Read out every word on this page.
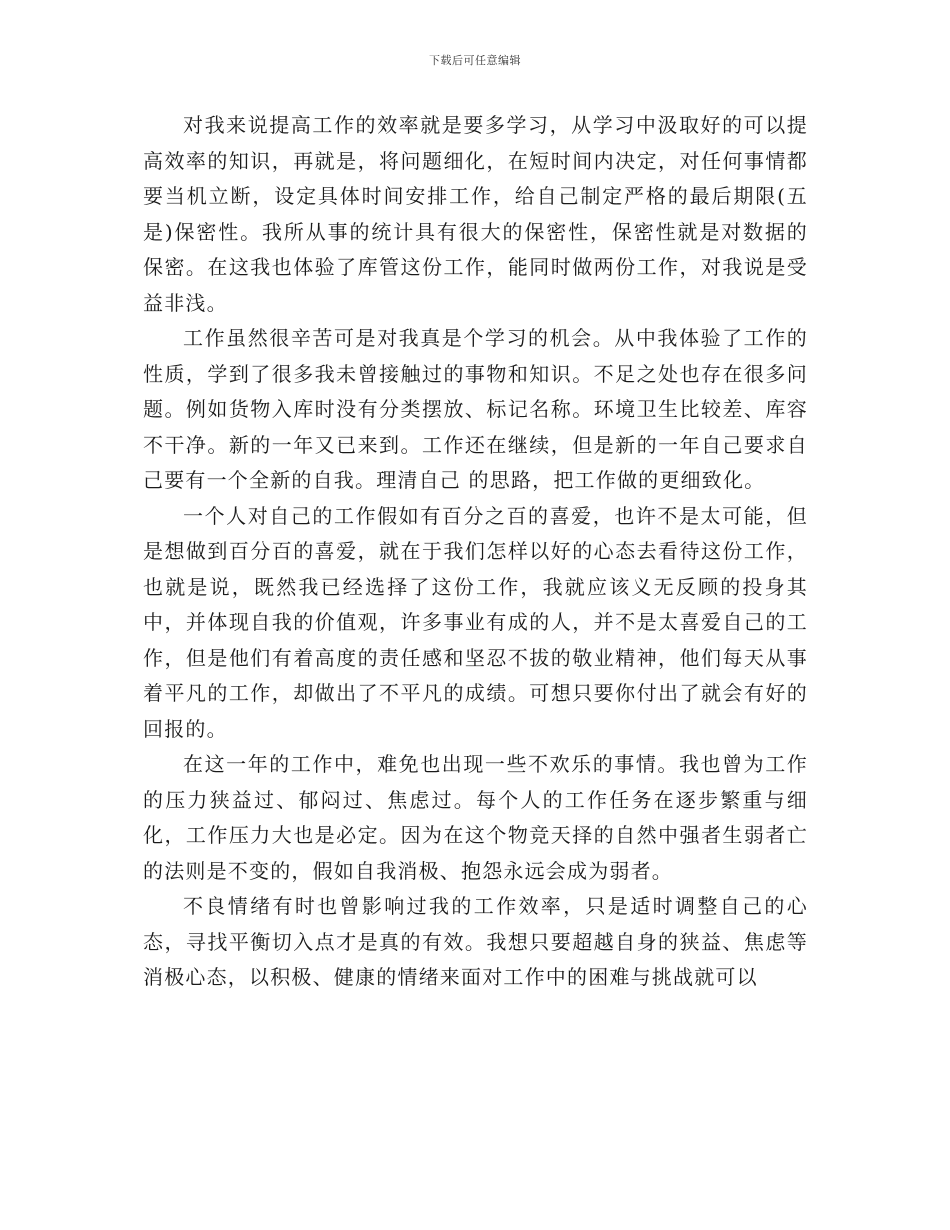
下载后可任意编辑

对我来说提高工作的效率就是要多学习，从学习中汲取好的可以提高效率的知识，再就是，将问题细化，在短时间内决定，对任何事情都要当机立断，设定具体时间安排工作，给自己制定严格的最后期限(五是)保密性。我所从事的统计具有很大的保密性，保密性就是对数据的保密。在这我也体验了库管这份工作，能同时做两份工作，对我说是受益非浅。

工作虽然很辛苦可是对我真是个学习的机会。从中我体验了工作的性质，学到了很多我未曾接触过的事物和知识。不足之处也存在很多问题。例如货物入库时没有分类摆放、标记名称。环境卫生比较差、库容不干净。新的一年又已来到。工作还在继续，但是新的一年自己要求自己要有一个全新的自我。理清自己 的思路，把工作做的更细致化。

一个人对自己的工作假如有百分之百的喜爱，也许不是太可能，但是想做到百分百的喜爱，就在于我们怎样以好的心态去看待这份工作，也就是说，既然我已经选择了这份工作，我就应该义无反顾的投身其中，并体现自我的价值观，许多事业有成的人，并不是太喜爱自己的工作，但是他们有着高度的责任感和坚忍不拔的敬业精神，他们每天从事着平凡的工作，却做出了不平凡的成绩。可想只要你付出了就会有好的回报的。

在这一年的工作中，难免也出现一些不欢乐的事情。我也曾为工作的压力狭益过、郁闷过、焦虑过。每个人的工作任务在逐步繁重与细化，工作压力大也是必定。因为在这个物竞天择的自然中强者生弱者亡的法则是不变的，假如自我消极、抱怨永远会成为弱者。

不良情绪有时也曾影响过我的工作效率，只是适时调整自己的心态，寻找平衡切入点才是真的有效。我想只要超越自身的狭益、焦虑等消极心态，以积极、健康的情绪来面对工作中的困难与挑战就可以
